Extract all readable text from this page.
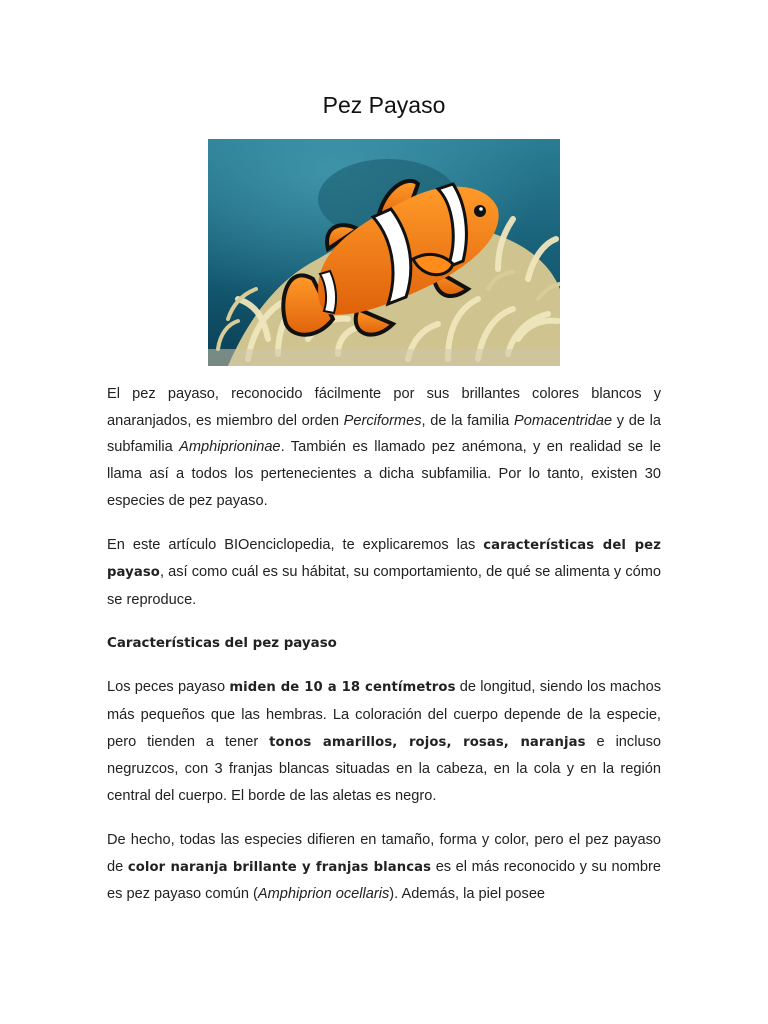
Pez Payaso

El pez payaso, reconocido fácilmente por sus brillantes colores blancos y anaranjados, es miembro del orden Perciformes, de la familia Pomacentridae y de la subfamilia Amphiprioninae. También es llamado pez anémona, y en realidad se le llama así a todos los pertenecientes a dicha subfamilia. Por lo tanto, existen 30 especies de pez payaso.

En este artículo BIOenciclopedia, te explicaremos las características del pez payaso, así como cuál es su hábitat, su comportamiento, de qué se alimenta y cómo se reproduce.

Características del pez payaso

Los peces payaso miden de 10 a 18 centímetros de longitud, siendo los machos más pequeños que las hembras. La coloración del cuerpo depende de la especie, pero tienden a tener tonos amarillos, rojos, rosas, naranjas e incluso negruzcos, con 3 franjas blancas situadas en la cabeza, en la cola y en la región central del cuerpo. El borde de las aletas es negro.

De hecho, todas las especies difieren en tamaño, forma y color, pero el pez payaso de color naranja brillante y franjas blancas es el más reconocido y su nombre es pez payaso común (Amphiprion ocellaris). Además, la piel posee
